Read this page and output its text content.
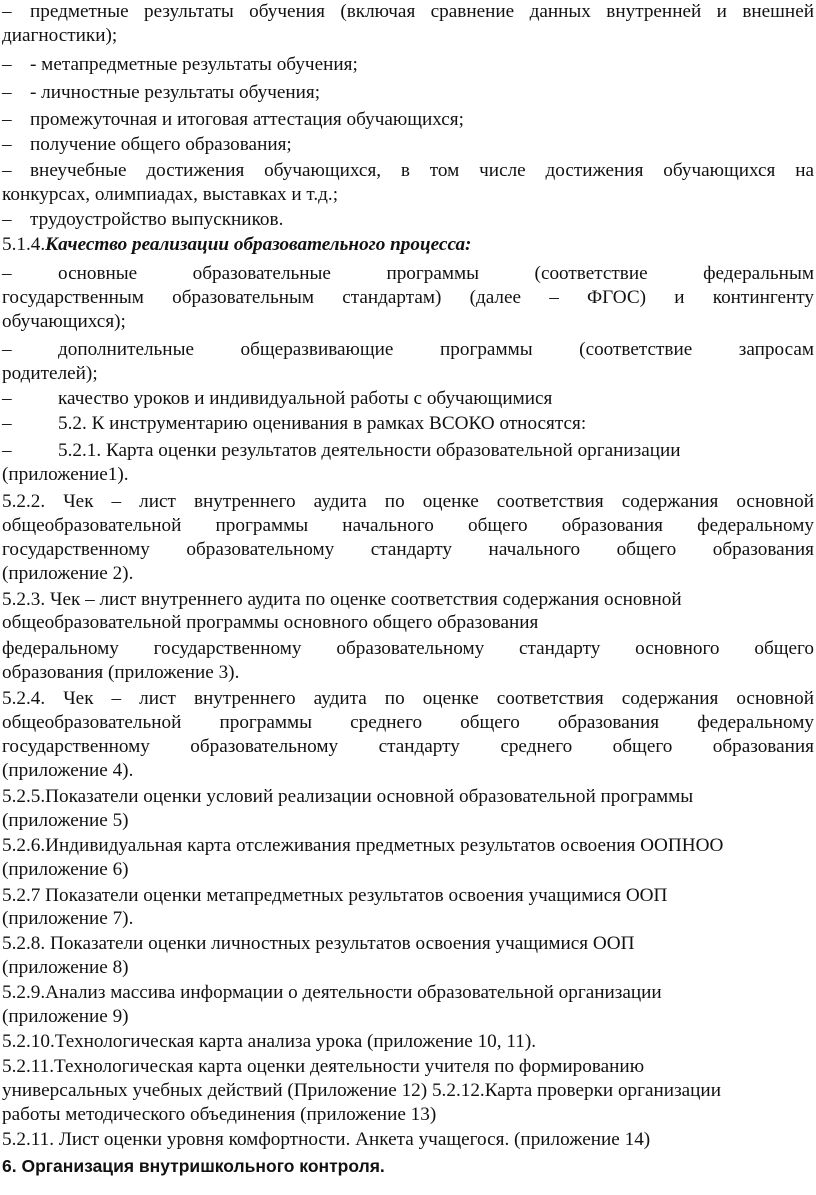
– предметные результаты обучения (включая сравнение данных внутренней и внешней
диагностики);
– - метапредметные результаты обучения;
– - личностные результаты обучения;
– промежуточная и итоговая аттестация обучающихся;
– получение общего образования;
– внеучебные достижения обучающихся, в том числе достижения обучающихся на
конкурсах, олимпиадах, выставках и т.д.;
– трудоустройство выпускников.
5.1.4.Качество реализации образовательного процесса:
– основные образовательные программы (соответствие федеральным
государственным образовательным стандартам) (далее – ФГОС) и контингенту
обучающихся);
– дополнительные общеразвивающие программы (соответствие запросам
родителей);
– качество уроков и индивидуальной работы с обучающимися
– 5.2. К инструментарию оценивания в рамках ВСОКО относятся:
– 5.2.1. Карта оценки результатов деятельности образовательной организации
(приложение1).
5.2.2. Чек – лист внутреннего аудита по оценке соответствия содержания основной
общеобразовательной программы начального общего образования федеральному
государственному образовательному стандарту начального общего образования
(приложение 2).
5.2.3. Чек – лист внутреннего аудита по оценке соответствия содержания основной
общеобразовательной программы основного общего образования
федеральному государственному образовательному стандарту основного общего
образования (приложение 3).
5.2.4. Чек – лист внутреннего аудита по оценке соответствия содержания основной
общеобразовательной программы среднего общего образования федеральному
государственному образовательному стандарту среднего общего образования
(приложение 4).
5.2.5.Показатели оценки условий реализации основной образовательной программы
(приложение 5)
5.2.6.Индивидуальная карта отслеживания предметных результатов освоения ООПНОО
(приложение 6)
5.2.7 Показатели оценки метапредметных результатов освоения учащимися ООП
(приложение 7).
5.2.8. Показатели оценки личностных результатов освоения учащимися ООП
(приложение 8)
5.2.9.Анализ массива информации о деятельности образовательной организации
(приложение 9)
5.2.10.Технологическая карта анализа урока (приложение 10, 11).
5.2.11.Технологическая карта оценки деятельности учителя по формированию
универсальных учебных действий (Приложение 12) 5.2.12.Карта проверки организации
работы методического объединения (приложение 13)
5.2.11. Лист оценки уровня комфортности. Анкета учащегося. (приложение 14)
6. Организация внутришкольного контроля.
